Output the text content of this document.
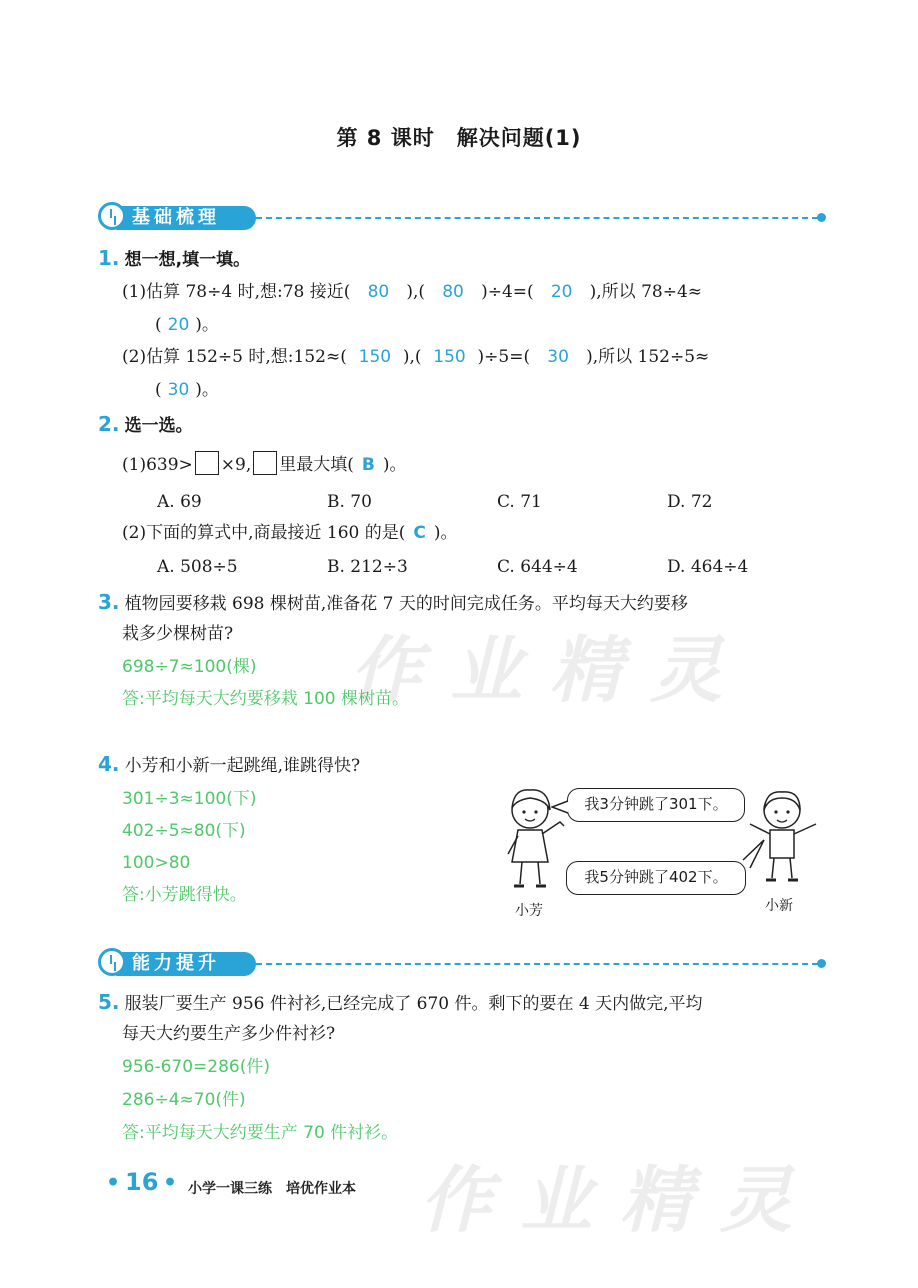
第 8 课时　解决问题(1)
基础梳理
1. 想一想,填一填。
(1)估算 78÷4 时,想:78 接近( 80 ),( 80 )÷4=( 20 ),所以 78÷4≈
( 20 )。
(2)估算 152÷5 时,想:152≈( 150 ),( 150 )÷5=( 30 ),所以 152÷5≈
( 30 )。
2. 选一选。
(1)639> ×9, 里最大填( B )。
A. 69	B. 70	C. 71	D. 72
(2)下面的算式中,商最接近 160 的是( C )。
A. 508÷5	B. 212÷3	C. 644÷4	D. 464÷4
3. 植物园要移栽 698 棵树苗,准备花 7 天的时间完成任务。平均每天大约要移
栽多少棵树苗?
698÷7≈100(棵)
答:平均每天大约要移栽 100 棵树苗。
4. 小芳和小新一起跳绳,谁跳得快?
301÷3≈100(下)
402÷5≈80(下)
100>80
答:小芳跳得快。
小芳
我3分钟跳了301下。
我5分钟跳了402下。
小新
能力提升
5. 服装厂要生产 956 件衬衫,已经完成了 670 件。剩下的要在 4 天内做完,平均
每天大约要生产多少件衬衫?
956-670=286(件)
286÷4≈70(件)
答:平均每天大约要生产 70 件衬衫。
作业精灵
作业精灵
• 16 • 小学一课三练　培优作业本
